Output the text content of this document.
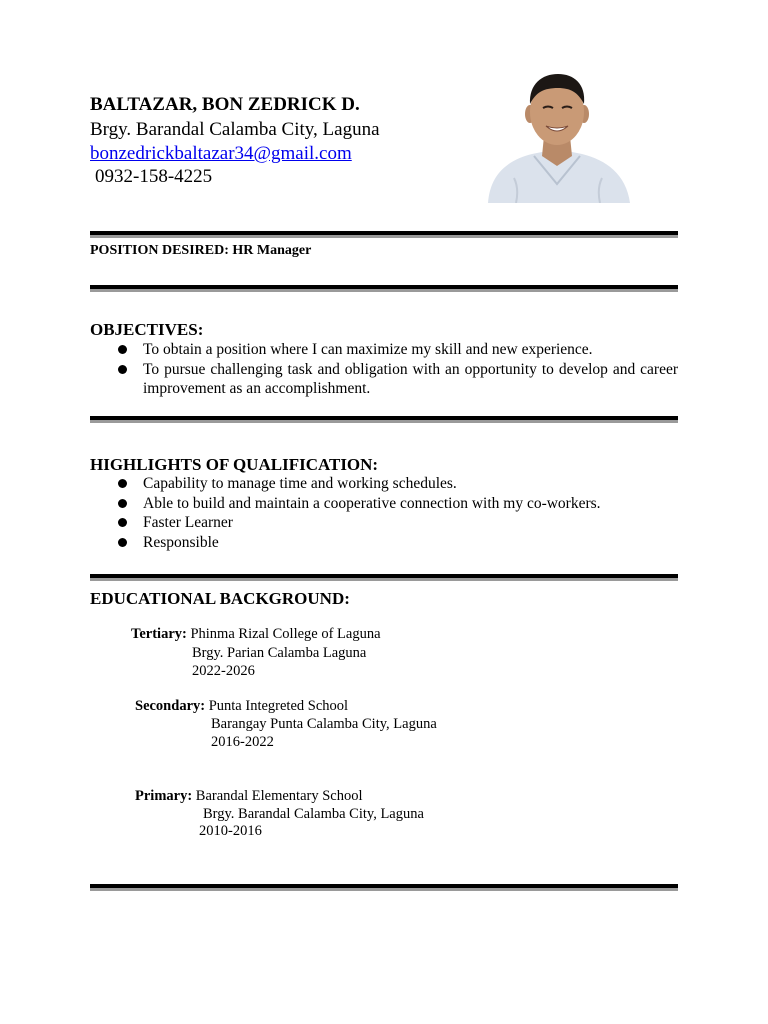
BALTAZAR, BON ZEDRICK D.
Brgy. Barandal Calamba City, Laguna
bonzedrickbaltazar34@gmail.com
0932-158-4225
POSITION DESIRED: HR Manager
OBJECTIVES:
To obtain a position where I can maximize my skill and new experience.
To pursue challenging task and obligation with an opportunity to develop and career improvement as an accomplishment.
HIGHLIGHTS OF QUALIFICATION:
Capability to manage time and working schedules.
Able to build and maintain a cooperative connection with my co-workers.
Faster Learner
Responsible
EDUCATIONAL BACKGROUND:
Tertiary: Phinma Rizal College of Laguna
Brgy. Parian Calamba Laguna
2022-2026
Secondary: Punta Integreted School
Barangay Punta Calamba City, Laguna
2016-2022
Primary: Barandal Elementary School
Brgy. Barandal Calamba City, Laguna
2010-2016
